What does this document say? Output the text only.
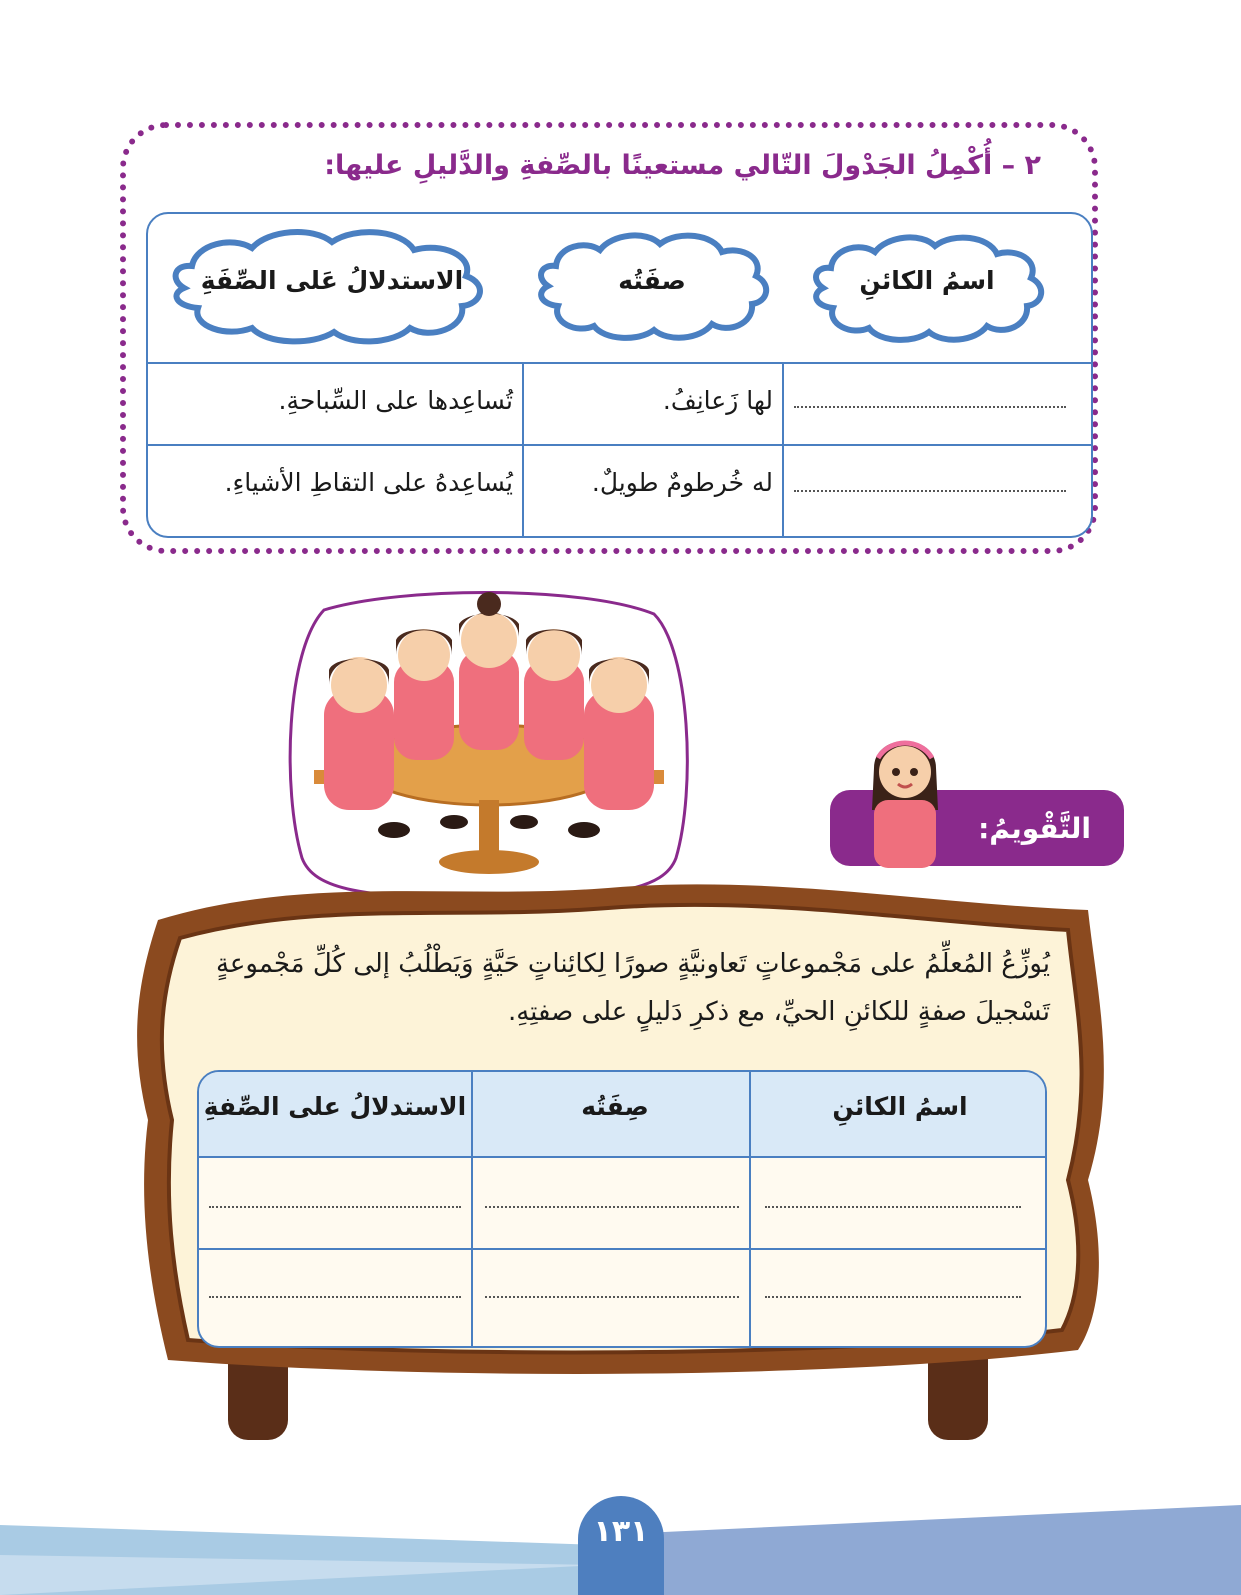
٢ – أُكْمِلُ الجَدْولَ التّالي مستعينًا بالصِّفةِ والدَّليلِ عليها:
اسمُ الكائنِ
صفَتُه
الاستدلالُ عَلى الصِّفَةِ
لها زَعانِفُ.
تُساعِدها على السِّباحةِ.
له خُرطومٌ طويلٌ.
يُساعِدهُ على التقاطِ الأشياءِ.
التَّقْويمُ:
يُوزِّعُ المُعلِّمُ على مَجْموعاتٍ تَعاونيَّةٍ صورًا لِكائِناتٍ حَيَّةٍ وَيَطْلُبُ إلى كُلِّ مَجْموعةٍ تَسْجيلَ صفةٍ للكائنِ الحيِّ، مع ذكرِ دَليلٍ على صفتِهِ.
اسمُ الكائنِ
صِفَتُه
الاستدلالُ على الصِّفةِ
١٣١
